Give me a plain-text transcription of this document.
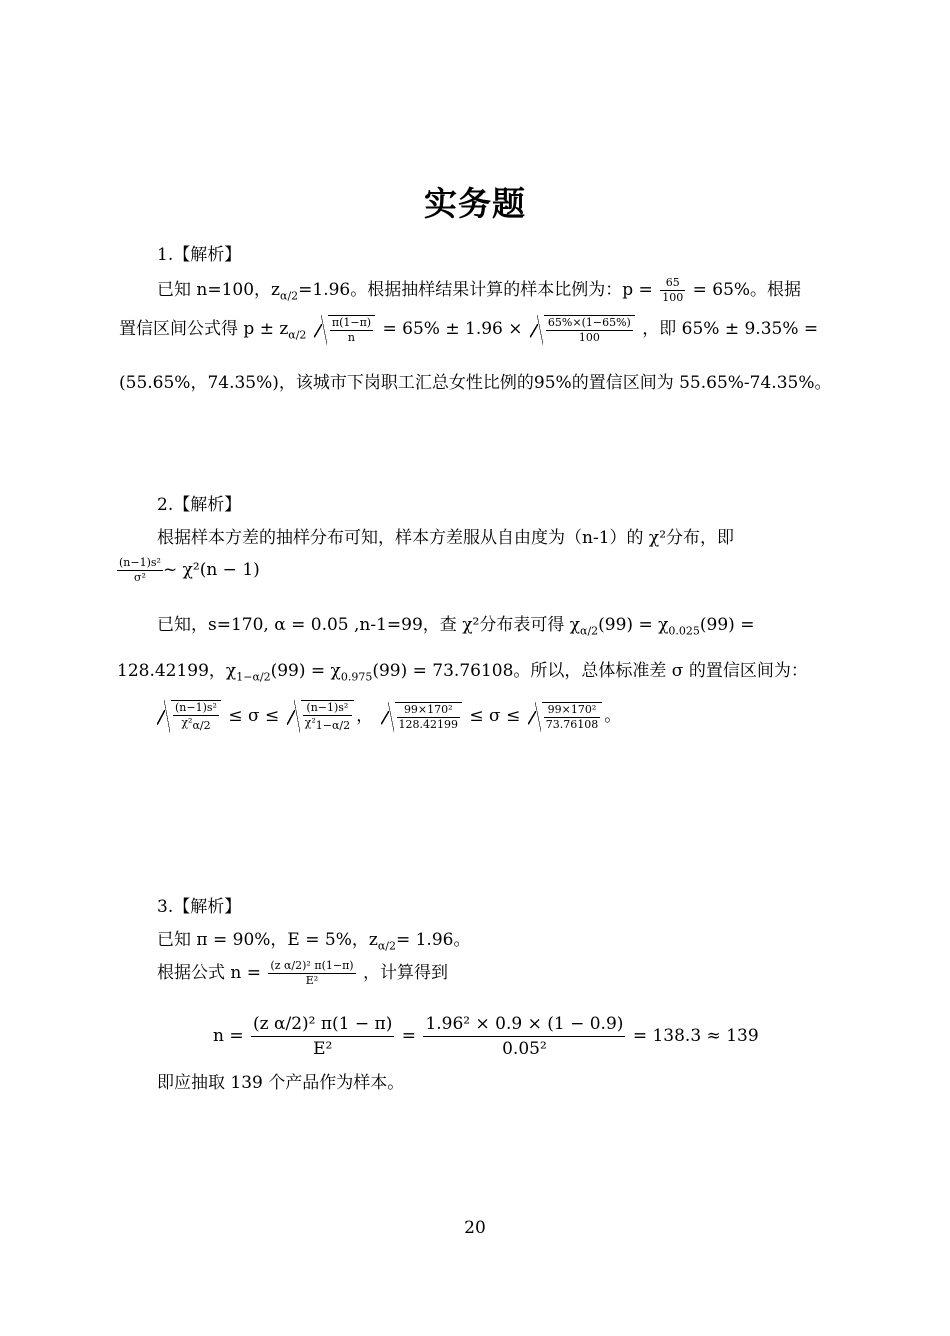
实务题
1.【解析】
已知 n=100，$z_{\alpha/2}=1.96$。根据抽样结果计算的样本比例为：$p = \frac{65}{100} = 65\%$。根据
置信区间公式得 $p \pm z_{\alpha/2} \frac{\pi(1-\pi)}{n} = 65\% \pm 1.96 \times \frac{65\%\times(1-65\%)}{100}$ ，即 65% ± 9.35% =
(55.65%，74.35%)，该城市下岗职工汇总女性比例的95%的置信区间为 55.65%-74.35%。
2.【解析】
根据样本方差的抽样分布可知，样本方差服从自由度为（n-1）的 χ²分布，即
$\frac{\text{(n−1)s²}}{\text{σ²}}$ ~ χ²(n − 1)
已知，s=170, α = 0.05 ,n-1=99，查 χ²分布表可得 $\chi_{\alpha/2}(99) = \chi_{0.025}(99)$ =
128.42199，$\chi_{1-\alpha/2}(99) = \chi_{0.975}(99) = 73.76108$。所以，总体标准差 σ 的置信区间为：
$\frac{\text{(n−1)s²}}{\chi^2_{\alpha/2}} \le \sigma \le \frac{\text{(n−1)s²}}{\chi^2_{1-\alpha/2}}$ ， $\frac{\text{99×170²}}{128.42199} \le \sigma \le \frac{\text{99×170²}}{73.76108}$ 。
3.【解析】
已知 π = 90%，E = 5%，$z_{\alpha/2}= 1.96$。
根据公式 $n = \frac{\text{(z α/2)² π(1−π)}}{\text{E²}}$ ，计算得到
$n = \frac{\text{(z α/2)² π(1 − π)}}{\text{E²}} = \frac{\text{1.96² × 0.9 × (1 − 0.9)}}{\text{0.05²}} = 138.3 \approx 139$
即应抽取 139 个产品作为样本。
20
